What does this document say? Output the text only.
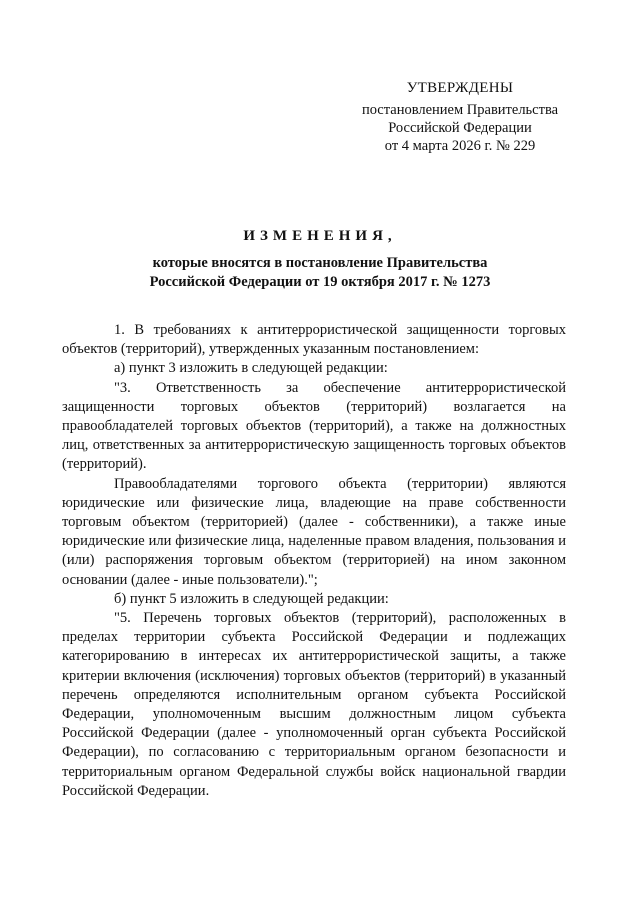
УТВЕРЖДЕНЫ
постановлением Правительства
Российской Федерации
от 4 марта 2026 г. № 229
ИЗМЕНЕНИЯ,
которые вносятся в постановление Правительства
Российской Федерации от 19 октября 2017 г. № 1273

1. В требованиях к антитеррористической защищенности торговых объектов (территорий), утвержденных указанным постановлением:

а) пункт 3 изложить в следующей редакции:

"3. Ответственность за обеспечение антитеррористической защищенности торговых объектов (территорий) возлагается на правообладателей торговых объектов (территорий), а также на должностных лиц, ответственных за антитеррористическую защищенность торговых объектов (территорий).

Правообладателями торгового объекта (территории) являются юридические или физические лица, владеющие на праве собственности торговым объектом (территорией) (далее - собственники), а также иные юридические или физические лица, наделенные правом владения, пользования и (или) распоряжения торговым объектом (территорией) на ином законном основании (далее - иные пользователи).";

б) пункт 5 изложить в следующей редакции:

"5. Перечень торговых объектов (территорий), расположенных в пределах территории субъекта Российской Федерации и подлежащих категорированию в интересах их антитеррористической защиты, а также критерии включения (исключения) торговых объектов (территорий) в указанный перечень определяются исполнительным органом субъекта Российской Федерации, уполномоченным высшим должностным лицом субъекта Российской Федерации (далее - уполномоченный орган субъекта Российской Федерации), по согласованию с территориальным органом безопасности и территориальным органом Федеральной службы войск национальной гвардии Российской Федерации.
